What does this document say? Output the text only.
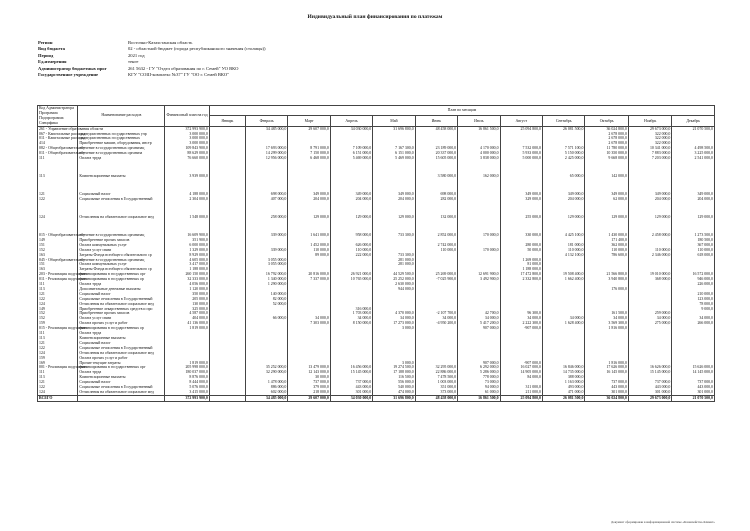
Индивидуальный план финансирования по платежам
Регион	Восточно-Казахстанская область
Вид бюджета	02 - областной бюджет (города республиканского значения (столицы))
Период	2021 год
Ед.измерения	тенге
Администратор бюджетных прог	261 5632 - ГУ "Отдел образования по г. Семей" УО ВКО
Государственное учреждение	КГУ "СОШ-комплекс №37" ГУ "ОО г. Семей ВКО"
Код Администратора Программа Подпрограмма Специфика	Наименование расходов	Финансовый план на год	План по месяцам											
			Январь	Февраль	Март	Апрель	Май	Июнь	Июль	Август	Сентябрь	Октябрь	Ноябрь	Декабрь
261 - Управление образования области		372 993 900,0		34 485 000,0	29 607 000,0	34 030 000,0	31 696 800,0	48 458 000,0	16 861 500,0	25 094 800,0	26 081 500,0	36 024 800,0	29 673 000,0	21 070 500,0
067 - Капитальные расходы	подведомственных государственных учр	3 000 000,0										2 678 000,0	322 000,0	
011 - Капитальные расходы	подведомственных государственных	3 000 000,0										2 678 000,0	322 000,0	
414	Приобретение машин, оборудования, инстр	3 000 000,0										2 678 000,0	322 000,0	
082 - Общеобразовательное	обучение в государственных организац	109 843 900,0		17 693 000,0	8 791 000,0	7 109 000,0	7 167 300,0	23 189 000,0	4 170 000,0	7 532 000,0	7 571 100,0	11 780 000,0	10 341 000,0	4 498 500,0
011 - Общеобразовательное	обучение в государственных организа	88 629 000,0		14 299 000,0	7 150 000,0	6 151 000,0	6 151 000,0	20 337 000,0	4 000 000,0	5 933 000,0	5 150 000,0	10 350 000,0	7 883 000,0	3 225 000,0
111	Оплата труда	76 660 000,0		12 956 000,0	6 468 000,0	5 469 000,0	5 469 000,0	15 605 000,0	3 838 000,0	5 000 000,0	2 425 000,0	9 668 000,0	7 203 000,0	2 541 000,0
113	Компенсационные выплаты	3 939 000,0						3 580 000,0	162 000,0		65 000,0	142 000,0		
121	Социальный налог	4 188 000,0		698 000,0	349 000,0	349 000,0	349 000,0	698 000,0		349 000,0	349 000,0	349 000,0	349 000,0	349 000,0
122	Социальные отчисления в Государственный	2 304 000,0		407 000,0	204 000,0	204 000,0	204 000,0	282 000,0		329 000,0	204 000,0	62 000,0	204 000,0	204 000,0
124	Отчисления на обязательное социальное мед	1 548 000,0		258 000,0	129 000,0	129 000,0	129 000,0	132 000,0		255 000,0	129 000,0	129 000,0	129 000,0	129 000,0
015 - Общеобразовательное	обучение в государственных организац	16 609 900,0		339 000,0	1 641 000,0	958 000,0	733 300,0	2 852 000,0	170 000,0	330 000,0	4 425 100,0	1 430 000,0	2 458 000,0	1 273 500,0
149	Приобретение прочих запасов	351 900,0										171 400,0		180 500,0
151	Оплата коммунальных услуг	6 000 000,0			1 452 000,0	626 000,0		2 742 000,0		280 000,0	181 000,0	362 000,0		367 000,0
152	Оплата услуг связи	1 329 000,0		339 000,0	110 000,0	110 000,0		110 000,0	170 000,0	50 000,0	110 000,0	110 000,0	110 000,0	110 000,0
163	Затраты Фонда всеобщего обязательного ср	8 929 000,0			89 000,0	222 000,0	733 300,0				4 132 100,0	786 600,0	2 346 000,0	618 000,0
045 - Общеобразовательное	обучение в государственных организац	4 605 000,0		3 055 000,0			281 000,0			1 269 000,0				
151	Оплата коммунальных услуг	3 417 000,0		3 055 000,0			281 000,0			81 000,0				
163	Затраты Фонда всеобщего обязательного ср	1 188 000,0								1 188 000,0				
203 - Реализация подушевого	финансирования в государственных орг	260 150 000,0		16 792 000,0	20 816 000,0	26 921 000,0	44 529 500,0	25 269 000,0	12 691 900,0	17 472 800,0	19 508 400,0	21 566 800,0	19 010 000,0	16 572 000,0
011 - Реализация подушевого	финансирования в государственных ор	32 333 000,0		1 340 000,0	7 337 000,0	10 765 000,0	25 252 000,0	-7 025 900,0	3 492 900,0	2 332 800,0	1 662 400,0	3 940 800,0	368 000,0	946 000,0
111	Оплата труда	4 056 000,0		1 290 000,0			2 630 000,0							226 000,0
113	Дополнительные денежные выплаты	1 120 000,0					944 000,0					176 000,0		
121	Социальный налог	350 000,0		140 000,0										210 000,0
122	Социальные отчисления в Государственный	205 000,0		82 000,0										123 000,0
124	Отчисления на обязательное социальное мед	130 000,0		52 000,0										78 000,0
149	Приобретение лекарственных средств и про	325 000,0				316 000,0								9 000,0
152	Приобретение прочих запасов	4 587 000,0				1 703 000,0	4 370 000,0	-2 107 700,0	42 700,0	96 300,0		161 500,0	259 000,0	
152	Оплата услуг связи	404 000,0		66 000,0	34 000,0	34 000,0	34 000,0	34 000,0	34 000,0	34 000,0	34 000,0	34 000,0	34 000,0	34 000,0
159	Оплата прочих услуг и работ	41 136 000,0			7 303 000,0	8 150 000,0	17 273 000,0	-4 950 200,0	5 417 200,0	2 222 300,0	1 628 400,0	3 569 300,0	275 000,0	266 000,0
015 - Реализация подушевого	финансирования в государственных ор	1 819 000,0					3 000,0		907 000,0	-907 000,0		1 816 000,0		
111	Оплата труда													
113	Компенсационные выплаты													
121	Социальный налог													
122	Социальные отчисления в Государственный													
124	Отчисления на обязательное социальное мед													
159	Оплата прочих услуг и работ													
169	Прочие текущие затраты	1 819 000,0					3 000,0		907 000,0	-907 000,0		1 816 000,0		
001 - Реализация подушевого	финансирования в государственных орг	205 998 000,0		35 252 000,0	13 479 000,0	16 456 000,0	19 274 500,0	32 295 000,0	6 292 000,0	16 027 000,0	16 846 000,0	17 626 000,0	16 626 000,0	15 626 000,0
111	Оплата труда	180 037 000,0		32 290 000,0	12 143 000,0	15 145 000,0	17 188 000,0	22 886 000,0	5 286 000,0	14 905 000,0	14 735 000,0	16 145 000,0	15 145 000,0	14 145 000,0
113	Компенсационные выплаты	8 876 000,0			30 000,0		116 500,0	7 478 500,0	778 000,0	84 000,0	388 000,0			
121	Социальный налог	8 444 000,0		1 478 000,0	737 000,0	737 000,0	556 000,0	1 003 000,0	73 000,0		1 163 000,0	737 000,0	737 000,0	737 000,0
122	Социальные отчисления в Государственный	5 076 000,0		886 000,0	379 000,0	443 000,0	540 000,0	351 000,0	94 000,0	311 000,0	493 000,0	443 000,0	443 000,0	443 000,0
124	Отчисления на обязательное социальное мед	3 415 000,0		602 000,0	218 000,0	301 000,0	474 000,0	373 000,0	61 000,0	211 000,0	471 000,0	301 000,0	301 000,0	301 000,0
ВСЕГО		372 993 900,0		34 485 000,0	29 607 000,0	34 030 000,0	31 696 800,0	48 458 000,0	16 861 500,0	25 094 800,0	26 081 500,0	36 024 800,0	29 673 000,0	21 070 500,0
Документ сформирован в информационной системе «Казначейство-Клиент»
